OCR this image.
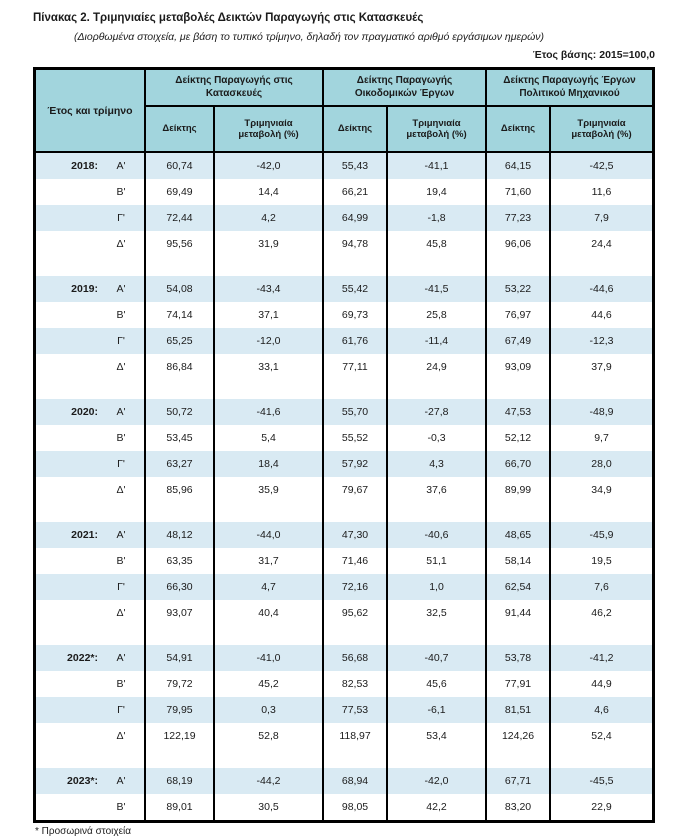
Πίνακας 2. Τριμηνιαίες μεταβολές Δεικτών Παραγωγής στις Κατασκευές
(Διορθωμένα στοιχεία, με βάση το τυπικό τρίμηνο, δηλαδή τον πραγματικό αριθμό εργάσιμων ημερών)
Έτος βάσης: 2015=100,0
Έτος και τρίμηνο
Δείκτης Παραγωγής στις Κατασκευές
Δείκτης Παραγωγής Οικοδομικών Έργων
Δείκτης Παραγωγής Έργων Πολιτικού Μηχανικού
Δείκτης
Τριμηνιαία μεταβολή (%)
Δείκτης
Τριμηνιαία μεταβολή (%)
Δείκτης
Τριμηνιαία μεταβολή (%)
2018:	Α'	60,74	-42,0	55,43	-41,1	64,15	-42,5
Β'	69,49	14,4	66,21	19,4	71,60	11,6
Γ'	72,44	4,2	64,99	-1,8	77,23	7,9
Δ'	95,56	31,9	94,78	45,8	96,06	24,4
2019:	Α'	54,08	-43,4	55,42	-41,5	53,22	-44,6
Β'	74,14	37,1	69,73	25,8	76,97	44,6
Γ'	65,25	-12,0	61,76	-11,4	67,49	-12,3
Δ'	86,84	33,1	77,11	24,9	93,09	37,9
2020:	Α'	50,72	-41,6	55,70	-27,8	47,53	-48,9
Β'	53,45	5,4	55,52	-0,3	52,12	9,7
Γ'	63,27	18,4	57,92	4,3	66,70	28,0
Δ'	85,96	35,9	79,67	37,6	89,99	34,9
2021:	Α'	48,12	-44,0	47,30	-40,6	48,65	-45,9
Β'	63,35	31,7	71,46	51,1	58,14	19,5
Γ'	66,30	4,7	72,16	1,0	62,54	7,6
Δ'	93,07	40,4	95,62	32,5	91,44	46,2
2022*:	Α'	54,91	-41,0	56,68	-40,7	53,78	-41,2
Β'	79,72	45,2	82,53	45,6	77,91	44,9
Γ'	79,95	0,3	77,53	-6,1	81,51	4,6
Δ'	122,19	52,8	118,97	53,4	124,26	52,4
2023*:	Α'	68,19	-44,2	68,94	-42,0	67,71	-45,5
Β'	89,01	30,5	98,05	42,2	83,20	22,9
* Προσωρινά στοιχεία
